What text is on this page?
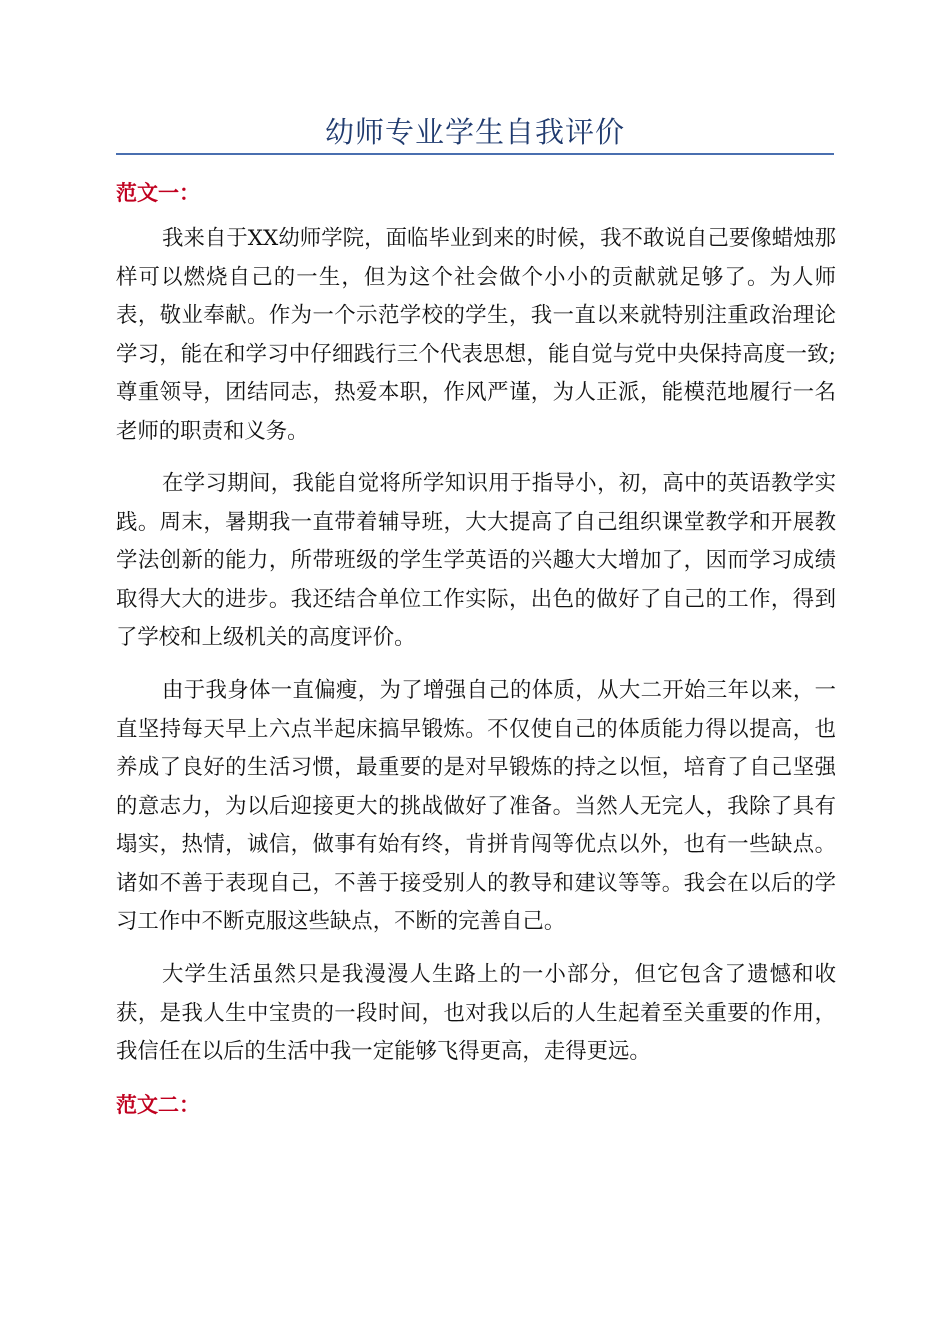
幼师专业学生自我评价
范文一：

我来自于XX幼师学院，面临毕业到来的时候，我不敢说自己要像蜡烛那样可以燃烧自己的一生，但为这个社会做个小小的贡献就足够了。为人师表，敬业奉献。作为一个示范学校的学生，我一直以来就特别注重政治理论学习，能在和学习中仔细践行三个代表思想，能自觉与党中央保持高度一致;尊重领导，团结同志，热爱本职，作风严谨，为人正派，能模范地履行一名老师的职责和义务。

在学习期间，我能自觉将所学知识用于指导小，初，高中的英语教学实践。周末，暑期我一直带着辅导班，大大提高了自己组织课堂教学和开展教学法创新的能力，所带班级的学生学英语的兴趣大大增加了，因而学习成绩取得大大的进步。我还结合单位工作实际，出色的做好了自己的工作，得到了学校和上级机关的高度评价。

由于我身体一直偏瘦，为了增强自己的体质，从大二开始三年以来，一直坚持每天早上六点半起床搞早锻炼。不仅使自己的体质能力得以提高，也养成了良好的生活习惯，最重要的是对早锻炼的持之以恒，培育了自己坚强的意志力，为以后迎接更大的挑战做好了准备。当然人无完人，我除了具有塌实，热情，诚信，做事有始有终，肯拼肯闯等优点以外，也有一些缺点。诸如不善于表现自己，不善于接受别人的教导和建议等等。我会在以后的学习工作中不断克服这些缺点，不断的完善自己。

大学生活虽然只是我漫漫人生路上的一小部分，但它包含了遗憾和收获，是我人生中宝贵的一段时间，也对我以后的人生起着至关重要的作用，我信任在以后的生活中我一定能够飞得更高，走得更远。

范文二：
